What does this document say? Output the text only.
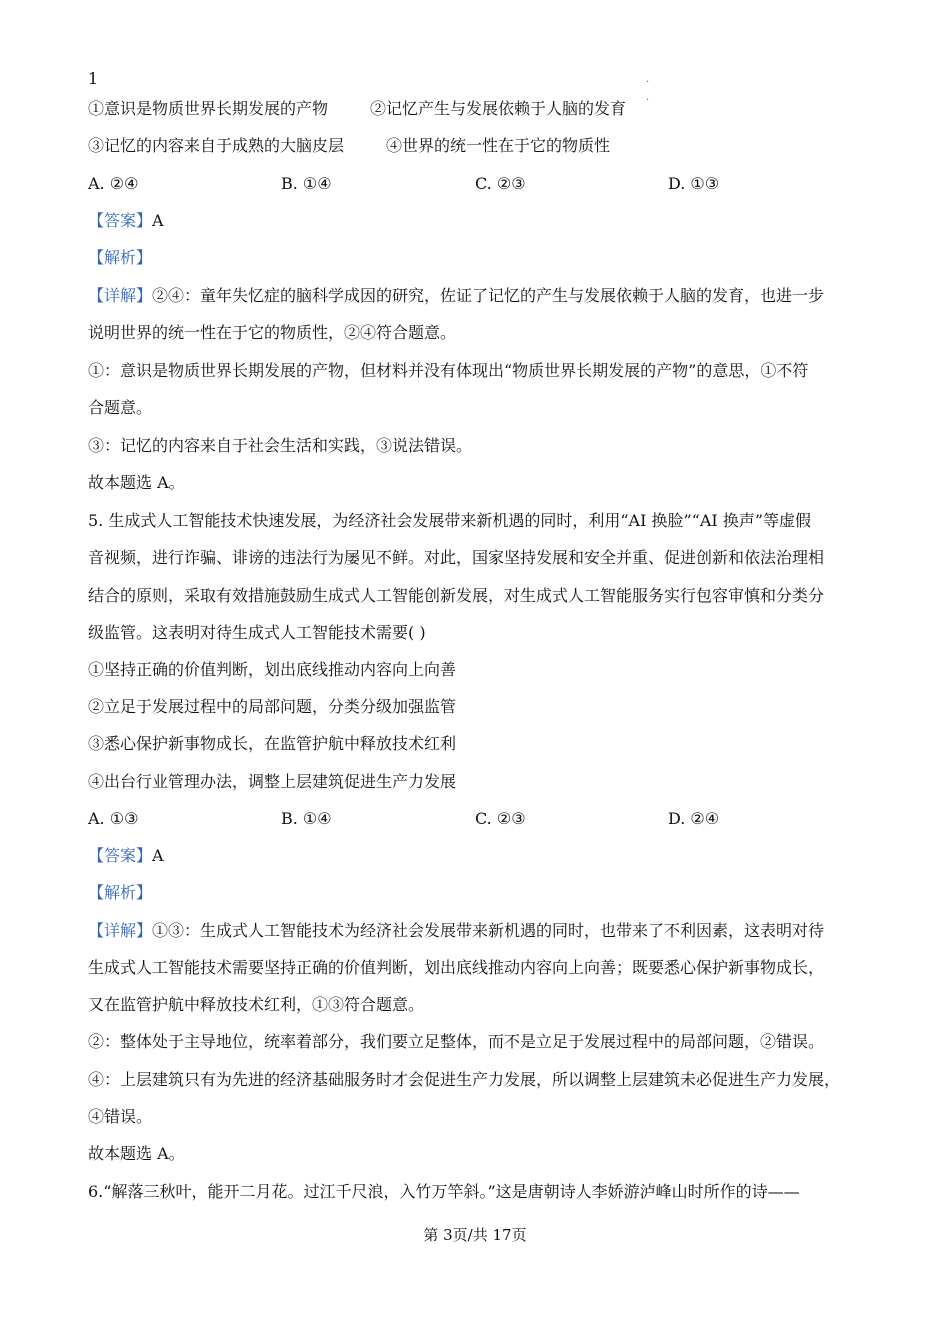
1	.
.
①意识是物质世界长期发展的产物	②记忆产生与发展依赖于人脑的发育
③记忆的内容来自于成熟的大脑皮层	④世界的统一性在于它的物质性
A. ②④	B. ①④	C. ②③	D. ①③
【答案】A
【解析】
【详解】②④：童年失忆症的脑科学成因的研究，佐证了记忆的产生与发展依赖于人脑的发育，也进一步
说明世界的统一性在于它的物质性，②④符合题意。
①：意识是物质世界长期发展的产物，但材料并没有体现出“物质世界长期发展的产物”的意思，①不符
合题意。
③：记忆的内容来自于社会生活和实践，③说法错误。
故本题选 A。
5. 生成式人工智能技术快速发展，为经济社会发展带来新机遇的同时，利用“AI 换脸”“AI 换声”等虚假
音视频，进行诈骗、诽谤的违法行为屡见不鲜。对此，国家坚持发展和安全并重、促进创新和依法治理相
结合的原则，采取有效措施鼓励生成式人工智能创新发展，对生成式人工智能服务实行包容审慎和分类分
级监管。这表明对待生成式人工智能技术需要( )
①坚持正确的价值判断，划出底线推动内容向上向善
②立足于发展过程中的局部问题，分类分级加强监管
③悉心保护新事物成长，在监管护航中释放技术红利
④出台行业管理办法，调整上层建筑促进生产力发展
A. ①③	B. ①④	C. ②③	D. ②④
【答案】A
【解析】
【详解】①③：生成式人工智能技术为经济社会发展带来新机遇的同时，也带来了不利因素，这表明对待
生成式人工智能技术需要坚持正确的价值判断，划出底线推动内容向上向善；既要悉心保护新事物成长，
又在监管护航中释放技术红利，①③符合题意。
②：整体处于主导地位，统率着部分，我们要立足整体，而不是立足于发展过程中的局部问题，②错误。
④：上层建筑只有为先进的经济基础服务时才会促进生产力发展，所以调整上层建筑未必促进生产力发展，
④错误。
故本题选 A。
6.“解落三秋叶，能开二月花。过江千尺浪，入竹万竿斜。”这是唐朝诗人李娇游泸峰山时所作的诗——
第 3页/共 17页
